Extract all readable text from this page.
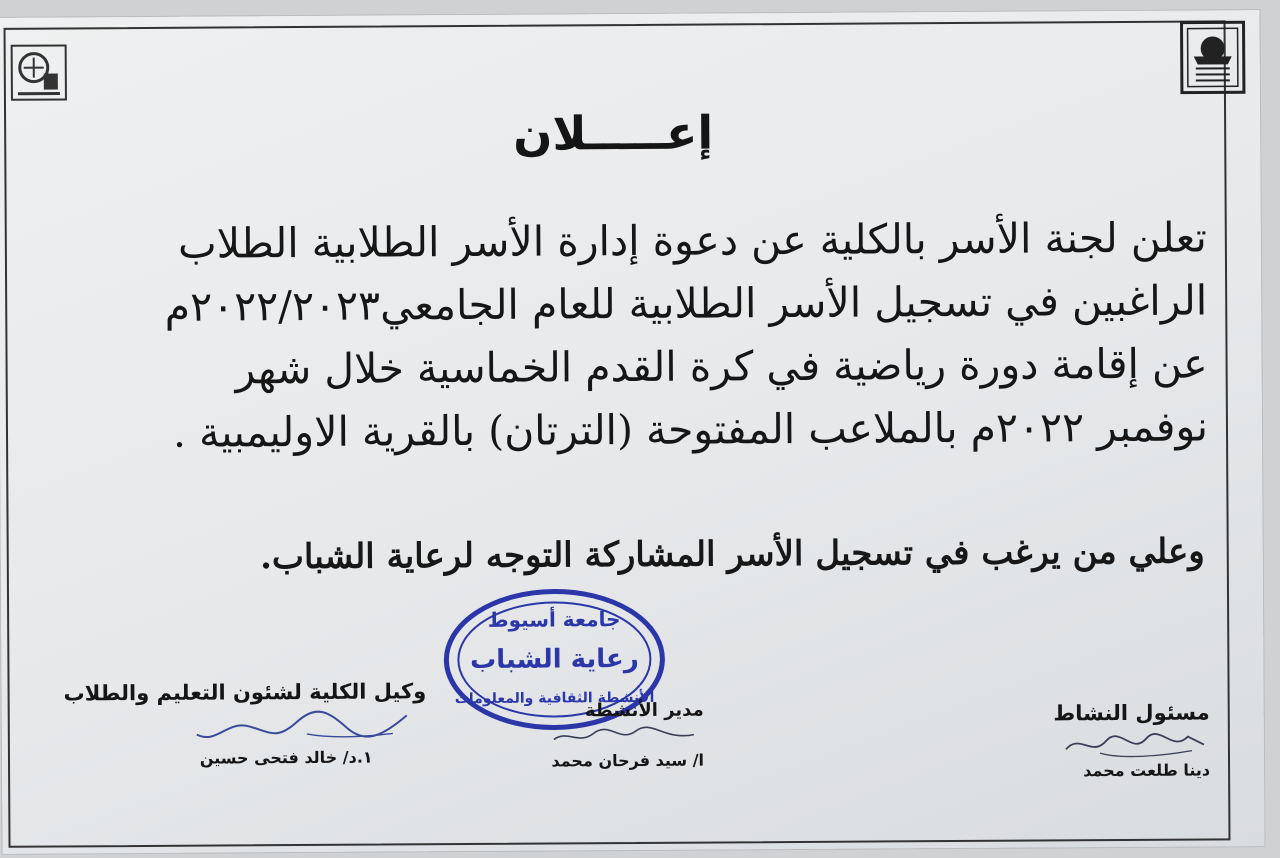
إعـــــلان
تعلن لجنة الأسر بالكلية عن دعوة إدارة الأسر الطلابية الطلاب
الراغبين في تسجيل الأسر الطلابية للعام الجامعي٢٠٢٢/٢٠٢٣م
عن إقامة دورة رياضية في كرة القدم الخماسية خلال شهر
نوفمبر ٢٠٢٢م بالملاعب المفتوحة (الترتان) بالقرية الاوليمبية .
وعلي من يرغب في تسجيل الأسر المشاركة التوجه لرعاية الشباب.
جامعة أسيوط
رعاية الشباب
الأنشطة الثقافية والمعلومات
مسئول النشاط
دينا طلعت محمد
مدير الأنشطة
ا/ سيد فرحان محمد
وكيل الكلية لشئون التعليم والطلاب
١.د/ خالد فتحى حسين
